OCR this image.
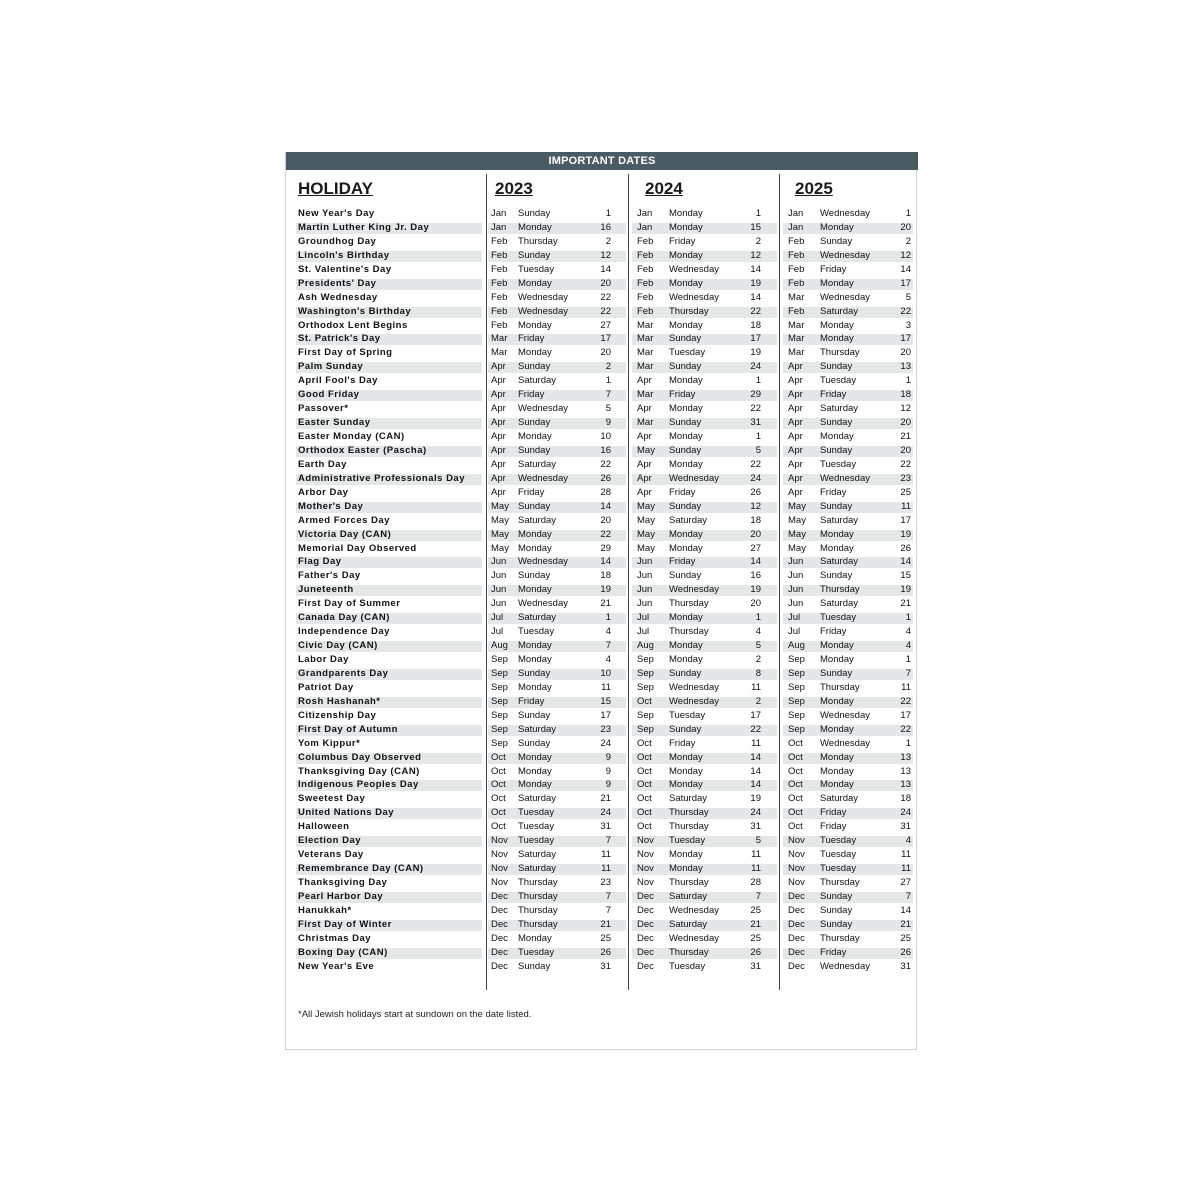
IMPORTANT DATES
HOLIDAY	2023	2024	2025
New Year's Day	Jan	Sunday	1	Jan	Monday	1	Jan	Wednesday	1
Martin Luther King Jr. Day	Jan	Monday	16	Jan	Monday	15	Jan	Monday	20
Groundhog Day	Feb	Thursday	2	Feb	Friday	2	Feb	Sunday	2
Lincoln's Birthday	Feb	Sunday	12	Feb	Monday	12	Feb	Wednesday	12
St. Valentine's Day	Feb	Tuesday	14	Feb	Wednesday	14	Feb	Friday	14
Presidents' Day	Feb	Monday	20	Feb	Monday	19	Feb	Monday	17
Ash Wednesday	Feb	Wednesday	22	Feb	Wednesday	14	Mar	Wednesday	5
Washington's Birthday	Feb	Wednesday	22	Feb	Thursday	22	Feb	Saturday	22
Orthodox Lent Begins	Feb	Monday	27	Mar	Monday	18	Mar	Monday	3
St. Patrick's Day	Mar	Friday	17	Mar	Sunday	17	Mar	Monday	17
First Day of Spring	Mar	Monday	20	Mar	Tuesday	19	Mar	Thursday	20
Palm Sunday	Apr	Sunday	2	Mar	Sunday	24	Apr	Sunday	13
April Fool's Day	Apr	Saturday	1	Apr	Monday	1	Apr	Tuesday	1
Good Friday	Apr	Friday	7	Mar	Friday	29	Apr	Friday	18
Passover*	Apr	Wednesday	5	Apr	Monday	22	Apr	Saturday	12
Easter Sunday	Apr	Sunday	9	Mar	Sunday	31	Apr	Sunday	20
Easter Monday (CAN)	Apr	Monday	10	Apr	Monday	1	Apr	Monday	21
Orthodox Easter (Pascha)	Apr	Sunday	16	May	Sunday	5	Apr	Sunday	20
Earth Day	Apr	Saturday	22	Apr	Monday	22	Apr	Tuesday	22
Administrative Professionals Day	Apr	Wednesday	26	Apr	Wednesday	24	Apr	Wednesday	23
Arbor Day	Apr	Friday	28	Apr	Friday	26	Apr	Friday	25
Mother's Day	May Sunday	14	May	Sunday	12	May	Sunday	11
Armed Forces Day	May Saturday	20	May	Saturday	18	May	Saturday	17
Victoria Day (CAN)	May Monday	22	May	Monday	20	May	Monday	19
Memorial Day Observed	May Monday	29	May	Monday	27	May	Monday	26
Flag Day	Jun	Wednesday	14	Jun	Friday	14	Jun	Saturday	14
Father's Day	Jun	Sunday	18	Jun	Sunday	16	Jun	Sunday	15
Juneteenth	Jun	Monday	19	Jun	Wednesday	19	Jun	Thursday	19
First Day of Summer	Jun	Wednesday	21	Jun	Thursday	20	Jun	Saturday	21
Canada Day (CAN)	Jul	Saturday	1	Jul	Monday	1	Jul	Tuesday	1
Independence Day	Jul	Tuesday	4	Jul	Thursday	4	Jul	Friday	4
Civic Day (CAN)	Aug	Monday	7	Aug	Monday	5	Aug	Monday	4
Labor Day	Sep	Monday	4	Sep	Monday	2	Sep	Monday	1
Grandparents Day	Sep	Sunday	10	Sep	Sunday	8	Sep	Sunday	7
Patriot Day	Sep	Monday	11	Sep	Wednesday	11	Sep	Thursday	11
Rosh Hashanah*	Sep	Friday	15	Oct	Wednesday	2	Sep	Monday	22
Citizenship Day	Sep	Sunday	17	Sep	Tuesday	17	Sep	Wednesday	17
First Day of Autumn	Sep	Saturday	23	Sep	Sunday	22	Sep	Monday	22
Yom Kippur*	Sep	Sunday	24	Oct	Friday	11	Oct	Wednesday	1
Columbus Day Observed	Oct	Monday	9	Oct	Monday	14	Oct	Monday	13
Thanksgiving Day (CAN)	Oct	Monday	9	Oct	Monday	14	Oct	Monday	13
Indigenous Peoples Day	Oct	Monday	9	Oct	Monday	14	Oct	Monday	13
Sweetest Day	Oct	Saturday	21	Oct	Saturday	19	Oct	Saturday	18
United Nations Day	Oct	Tuesday	24	Oct	Thursday	24	Oct	Friday	24
Halloween	Oct	Tuesday	31	Oct	Thursday	31	Oct	Friday	31
Election Day	Nov	Tuesday	7	Nov	Tuesday	5	Nov	Tuesday	4
Veterans Day	Nov	Saturday	11	Nov	Monday	11	Nov	Tuesday	11
Remembrance Day (CAN)	Nov	Saturday	11	Nov	Monday	11	Nov	Tuesday	11
Thanksgiving Day	Nov	Thursday	23	Nov	Thursday	28	Nov	Thursday	27
Pearl Harbor Day	Dec	Thursday	7	Dec	Saturday	7	Dec	Sunday	7
Hanukkah*	Dec	Thursday	7	Dec	Wednesday	25	Dec	Sunday	14
First Day of Winter	Dec	Thursday	21	Dec	Saturday	21	Dec	Sunday	21
Christmas Day	Dec	Monday	25	Dec	Wednesday	25	Dec	Thursday	25
Boxing Day (CAN)	Dec	Tuesday	26	Dec	Thursday	26	Dec	Friday	26
New Year's Eve	Dec	Sunday	31	Dec	Tuesday	31	Dec	Wednesday	31
*All Jewish holidays start at sundown on the date listed.
